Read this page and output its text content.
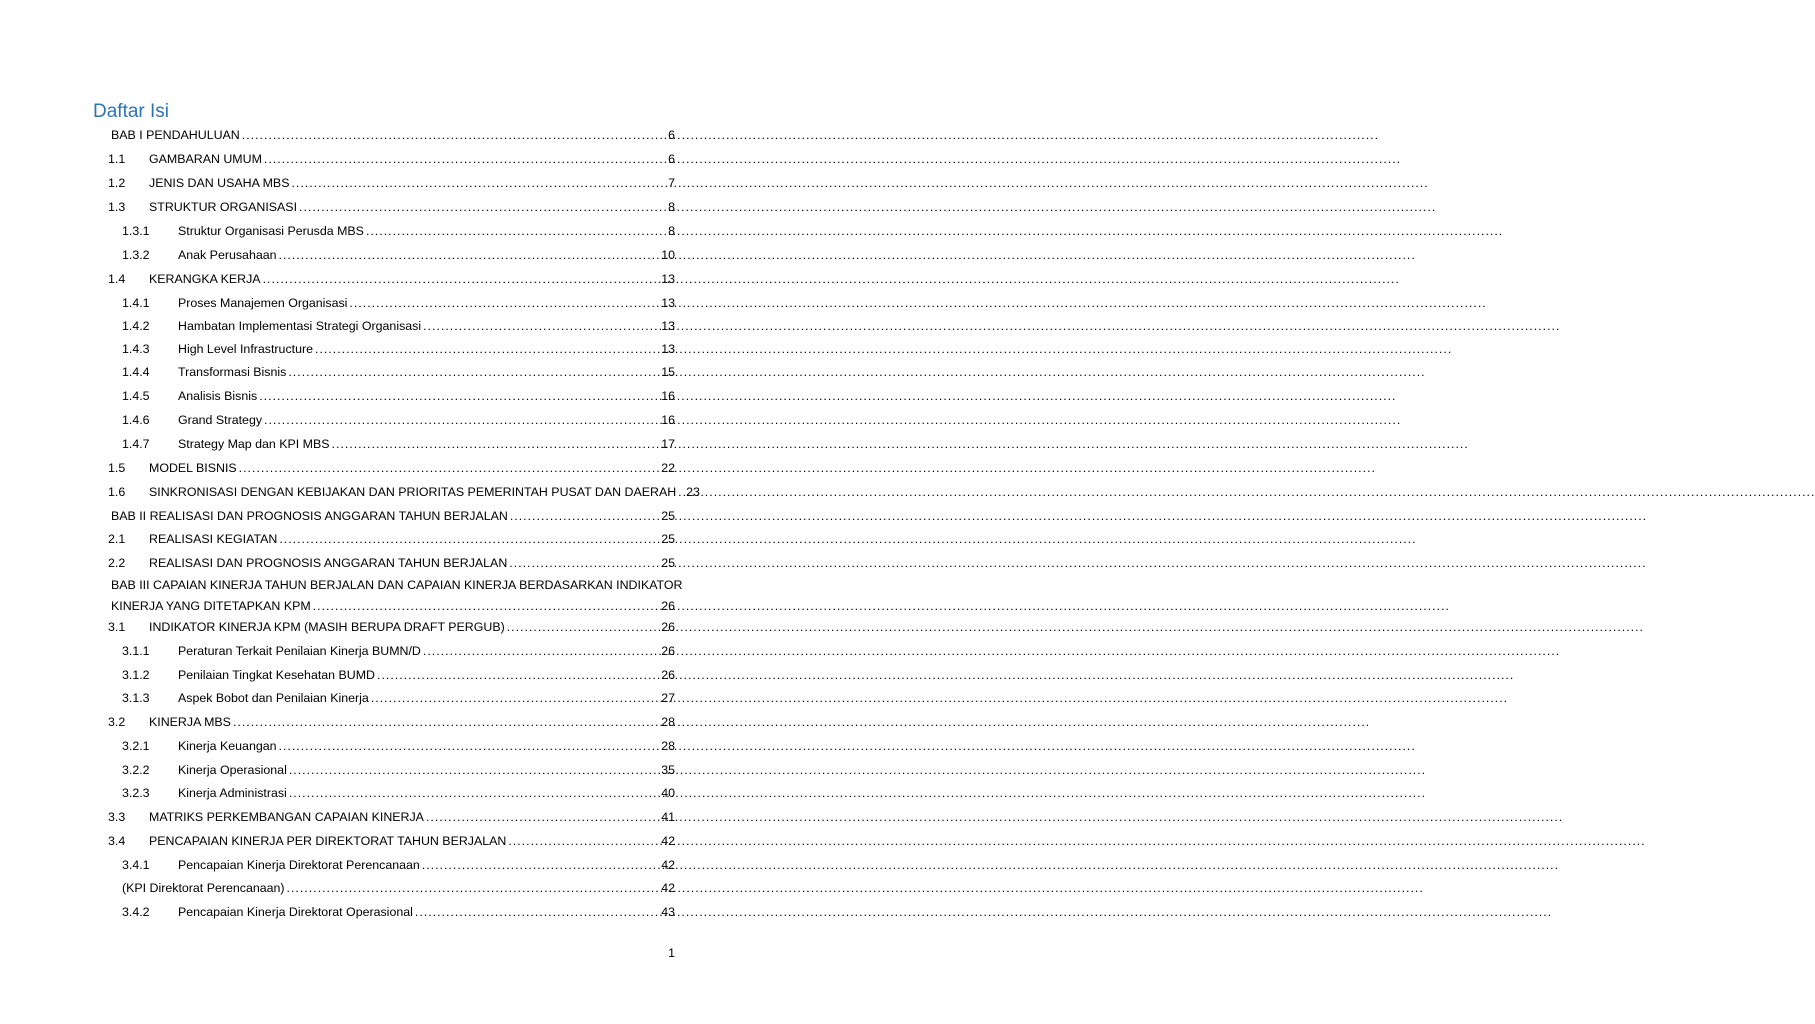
Daftar Isi
BAB I PENDAHULUAN .....	6
1.1 GAMBARAN UMUM .....	6
1.2 JENIS DAN USAHA MBS .....	7
1.3 STRUKTUR ORGANISASI .....	8
1.3.1 Struktur Organisasi Perusda MBS .....	8
1.3.2 Anak Perusahaan .....	10
1.4 KERANGKA KERJA .....	13
1.4.1 Proses Manajemen Organisasi .....	13
1.4.2 Hambatan Implementasi Strategi Organisasi .....	13
1.4.3 High Level Infrastructure .....	13
1.4.4 Transformasi Bisnis .....	15
1.4.5 Analisis Bisnis .....	16
1.4.6 Grand Strategy .....	16
1.4.7 Strategy Map dan KPI MBS .....	17
1.5 MODEL BISNIS .....	22
1.6 SINKRONISASI DENGAN KEBIJAKAN DAN PRIORITAS PEMERINTAH PUSAT DAN DAERAH ..... 23
BAB II REALISASI DAN PROGNOSIS ANGGARAN TAHUN BERJALAN .....	25
2.1 REALISASI KEGIATAN .....	25
2.2 REALISASI DAN PROGNOSIS ANGGARAN TAHUN BERJALAN .....	25
BAB III CAPAIAN KINERJA TAHUN BERJALAN DAN CAPAIAN KINERJA BERDASARKAN INDIKATOR
KINERJA YANG DITETAPKAN KPM .....	26
3.1 INDIKATOR KINERJA KPM (MASIH BERUPA DRAFT PERGUB) .....	26
3.1.1 Peraturan Terkait Penilaian Kinerja BUMN/D .....	26
3.1.2 Penilaian Tingkat Kesehatan BUMD .....	26
3.1.3 Aspek Bobot dan Penilaian Kinerja .....	27
3.2 KINERJA MBS .....	28
3.2.1 Kinerja Keuangan .....	28
3.2.2 Kinerja Operasional .....	35
3.2.3 Kinerja Administrasi .....	40
3.3 MATRIKS PERKEMBANGAN CAPAIAN KINERJA .....	41
3.4 PENCAPAIAN KINERJA PER DIREKTORAT TAHUN BERJALAN .....	42
3.4.1 Pencapaian Kinerja Direktorat Perencanaan .....	42
(KPI Direktorat Perencanaan) .....	42
3.4.2 Pencapaian Kinerja Direktorat Operasional .....	43
1
